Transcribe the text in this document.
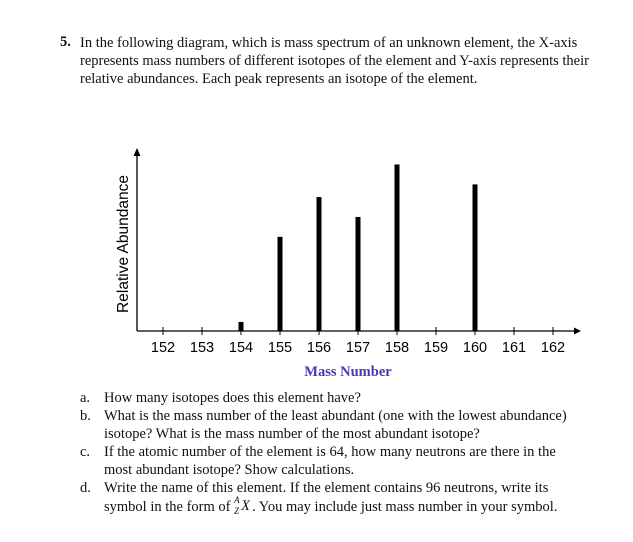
5. In the following diagram, which is mass spectrum of an unknown element, the X-axis represents mass numbers of different isotopes of the element and Y-axis represents their relative abundances. Each peak represents an isotope of the element.

152 153 154 155 156 157 158 159 160 161 162
Mass Number
Relative Abundance
a. How many isotopes does this element have?
b. What is the mass number of the least abundant (one with the lowest abundance) isotope? What is the mass number of the most abundant isotope?
c. If the atomic number of the element is 64, how many neutrons are there in the most abundant isotope? Show calculations.
d. Write the name of this element. If the element contains 96 neutrons, write its symbol in the form of A
Z X . You may include just mass number in your symbol.
